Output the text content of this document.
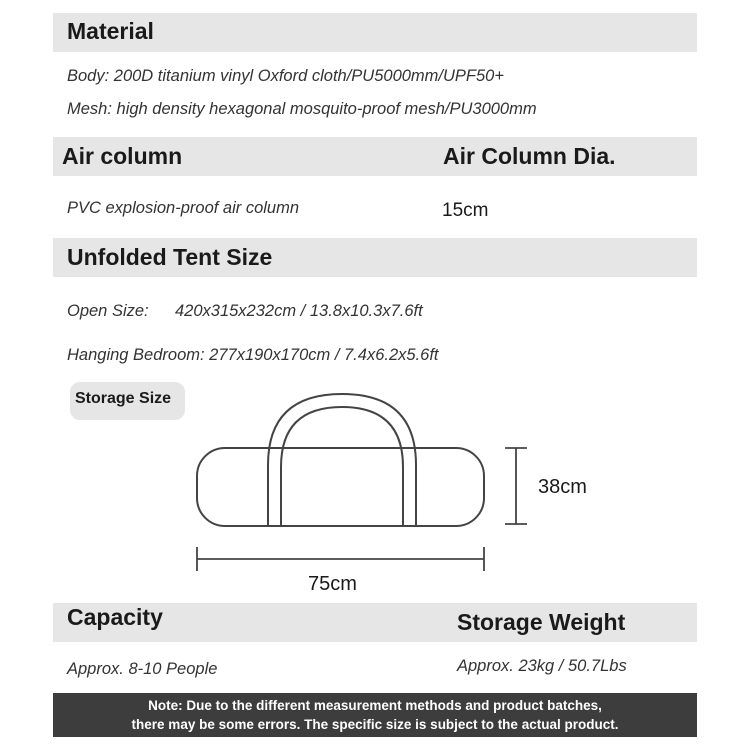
Material
Body: 200D titanium vinyl Oxford cloth/PU5000mm/UPF50+
Mesh: high density hexagonal mosquito-proof mesh/PU3000mm
Air column	Air Column Dia.
PVC explosion-proof air column	15cm
Unfolded Tent Size
Open Size: 420x315x232cm / 13.8x10.3x7.6ft
Hanging Bedroom: 277x190x170cm / 7.4x6.2x5.6ft
Storage Size
38cm
75cm
Capacity	Storage Weight
Approx. 8-10 People	Approx. 23kg / 50.7Lbs
Note: Due to the different measurement methods and product batches,
there may be some errors. The specific size is subject to the actual product.
